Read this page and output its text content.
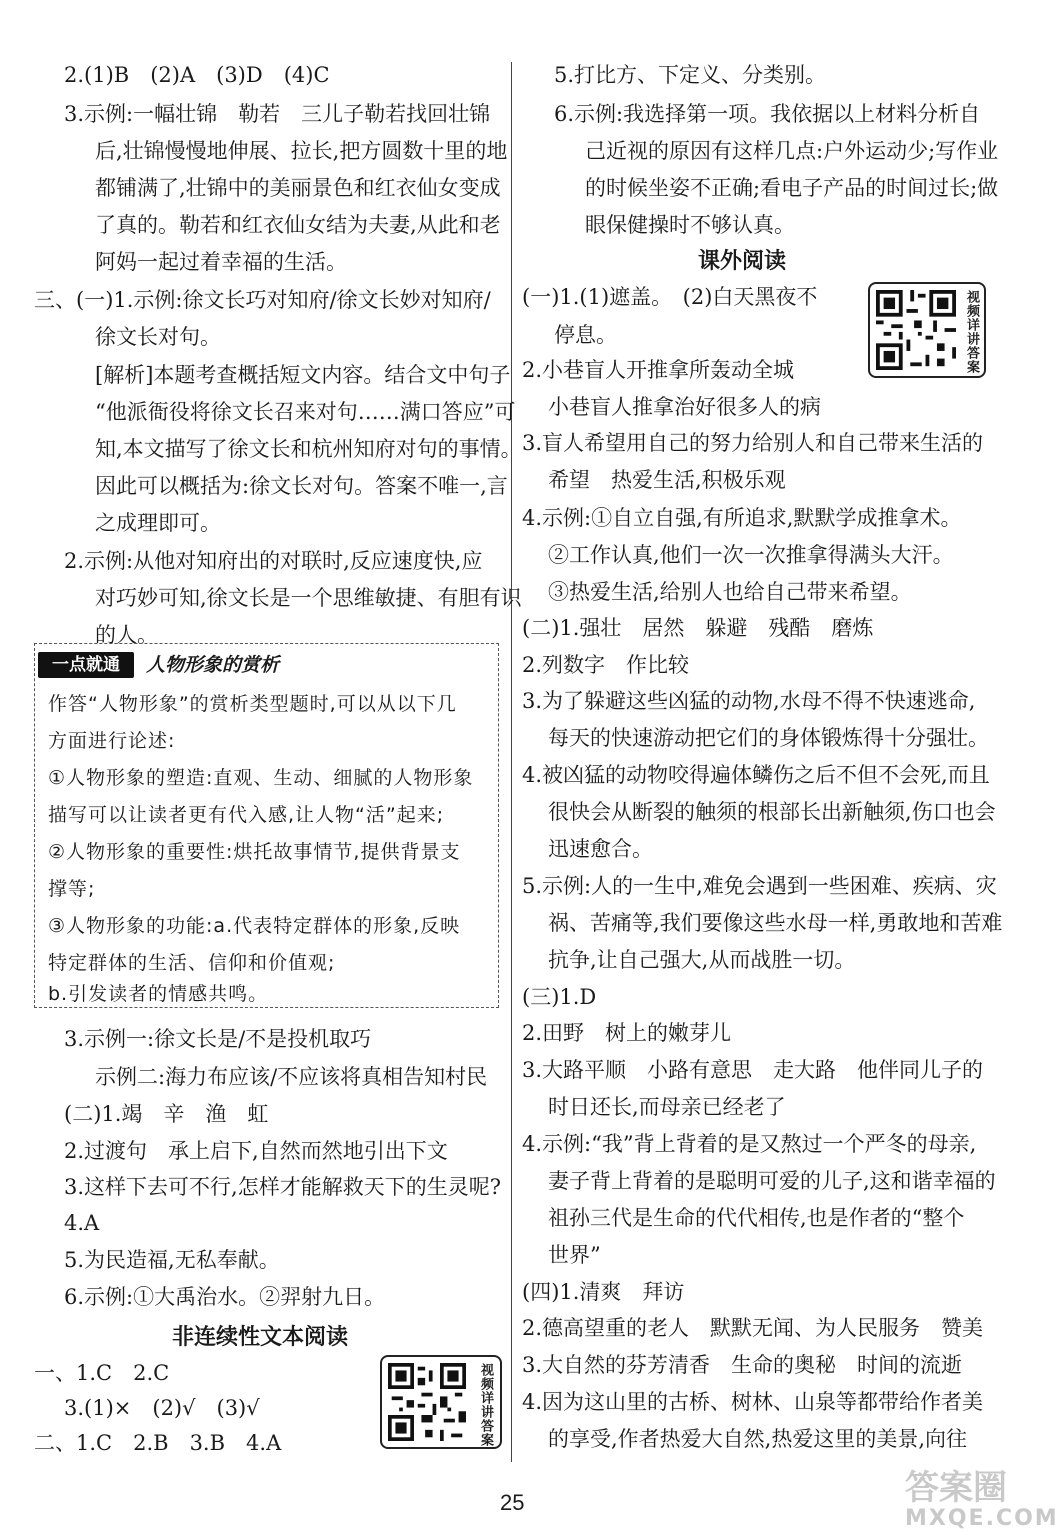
2.(1)B　(2)A　(3)D　(4)C
3.示例:一幅壮锦　勒若　三儿子勒若找回壮锦
后,壮锦慢慢地伸展、拉长,把方圆数十里的地
都铺满了,壮锦中的美丽景色和红衣仙女变成
了真的。勒若和红衣仙女结为夫妻,从此和老
阿妈一起过着幸福的生活。
三、(一)1.示例:徐文长巧对知府/徐文长妙对知府/
徐文长对句。
[解析]本题考查概括短文内容。结合文中句子
“他派衙役将徐文长召来对句……满口答应”可
知,本文描写了徐文长和杭州知府对句的事情。
因此可以概括为:徐文长对句。答案不唯一,言
之成理即可。
2.示例:从他对知府出的对联时,反应速度快,应
对巧妙可知,徐文长是一个思维敏捷、有胆有识
的人。
一点就通	人物形象的赏析
作答“人物形象”的赏析类型题时,可以从以下几
方面进行论述:
①人物形象的塑造:直观、生动、细腻的人物形象
描写可以让读者更有代入感,让人物“活”起来;
②人物形象的重要性:烘托故事情节,提供背景支
撑等;
③人物形象的功能:a.代表特定群体的形象,反映
特定群体的生活、信仰和价值观;
b.引发读者的情感共鸣。
3.示例一:徐文长是/不是投机取巧
示例二:海力布应该/不应该将真相告知村民
(二)1.竭　辛　渔　虹
2.过渡句　承上启下,自然而然地引出下文
3.这样下去可不行,怎样才能解救天下的生灵呢?
4.A
5.为民造福,无私奉献。
6.示例:①大禹治水。②羿射九日。
非连续性文本阅读
一、1.C　2.C
3.(1)×　(2)√　(3)√
二、1.C　2.B　3.B　4.A	视频详讲答案
5.打比方、下定义、分类别。
6.示例:我选择第一项。我依据以上材料分析自
己近视的原因有这样几点:户外运动少;写作业
的时候坐姿不正确;看电子产品的时间过长;做
眼保健操时不够认真。
课外阅读
视频详讲答案
(一)1.(1)遮盖。　(2)白天黑夜不
停息。
2.小巷盲人开推拿所轰动全城
小巷盲人推拿治好很多人的病
3.盲人希望用自己的努力给别人和自己带来生活的
希望　热爱生活,积极乐观
4.示例:①自立自强,有所追求,默默学成推拿术。
②工作认真,他们一次一次推拿得满头大汗。
③热爱生活,给别人也给自己带来希望。
(二)1.强壮　居然　躲避　残酷　磨炼
2.列数字　作比较
3.为了躲避这些凶猛的动物,水母不得不快速逃命,
每天的快速游动把它们的身体锻炼得十分强壮。
4.被凶猛的动物咬得遍体鳞伤之后不但不会死,而且
很快会从断裂的触须的根部长出新触须,伤口也会
迅速愈合。
5.示例:人的一生中,难免会遇到一些困难、疾病、灾
祸、苦痛等,我们要像这些水母一样,勇敢地和苦难
抗争,让自己强大,从而战胜一切。
(三)1.D
2.田野　树上的嫩芽儿
3.大路平顺　小路有意思　走大路　他伴同儿子的
时日还长,而母亲已经老了
4.示例:“我”背上背着的是又熬过一个严冬的母亲,
妻子背上背着的是聪明可爱的儿子,这和谐幸福的
祖孙三代是生命的代代相传,也是作者的“整个
世界”
(四)1.清爽　拜访
2.德高望重的老人　默默无闻、为人民服务　赞美
3.大自然的芬芳清香　生命的奥秘　时间的流逝
4.因为这山里的古桥、树林、山泉等都带给作者美
的享受,作者热爱大自然,热爱这里的美景,向往
25	答案圈
MXQE.COM
